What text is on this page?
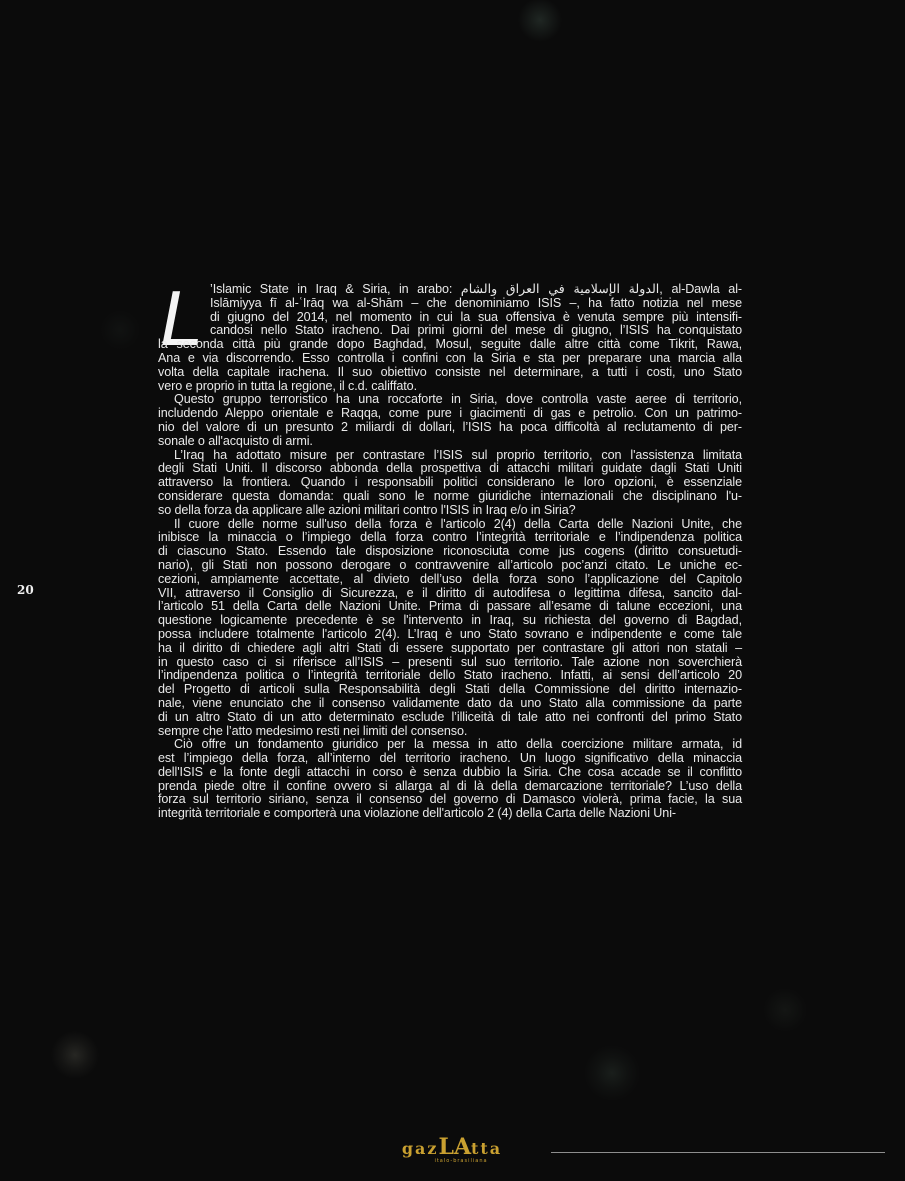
L ’Islamic State in Iraq & Siria, in arabo: الدولة الإسلامية في العراق والشام, al-Dawla al-
Islāmiyya fī al-ʿIrāq wa al-Shām – che denominiamo ISIS –, ha fatto notizia nel mese
di giugno del 2014, nel momento in cui la sua offensiva è venuta sempre più intensifi-
candosi nello Stato iracheno. Dai primi giorni del mese di giugno, l’ISIS ha conquistato
la seconda città più grande dopo Baghdad, Mosul, seguite dalle altre città come Tikrit, Rawa,
Ana e via discorrendo. Esso controlla i confini con la Siria e sta per preparare una marcia alla
volta della capitale irachena. Il suo obiettivo consiste nel determinare, a tutti i costi, uno Stato
vero e proprio in tutta la regione, il c.d. califfato.
Questo gruppo terroristico ha una roccaforte in Siria, dove controlla vaste aeree di territorio,
includendo Aleppo orientale e Raqqa, come pure i giacimenti di gas e petrolio. Con un patrimo-
nio del valore di un presunto 2 miliardi di dollari, l’ISIS ha poca difficoltà al reclutamento di per-
sonale o all'acquisto di armi.
L’Iraq ha adottato misure per contrastare l’ISIS sul proprio territorio, con l'assistenza limitata
degli Stati Uniti. Il discorso abbonda della prospettiva di attacchi militari guidate dagli Stati Uniti
attraverso la frontiera. Quando i responsabili politici considerano le loro opzioni, è essenziale
considerare questa domanda: quali sono le norme giuridiche internazionali che disciplinano l'u-
so della forza da applicare alle azioni militari contro l'ISIS in Iraq e/o in Siria?
Il cuore delle norme sull'uso della forza è l'articolo 2(4) della Carta delle Nazioni Unite, che
inibisce la minaccia o l’impiego della forza contro l’integrità territoriale e l’indipendenza politica
di ciascuno Stato. Essendo tale disposizione riconosciuta come jus cogens (diritto consuetudi-
nario), gli Stati non possono derogare o contravvenire all’articolo poc’anzi citato. Le uniche ec-
cezioni, ampiamente accettate, al divieto dell’uso della forza sono l’applicazione del Capitolo
VII, attraverso il Consiglio di Sicurezza, e il diritto di autodifesa o legittima difesa, sancito dal-
l’articolo 51 della Carta delle Nazioni Unite. Prima di passare all’esame di talune eccezioni, una
questione logicamente precedente è se l'intervento in Iraq, su richiesta del governo di Bagdad,
possa includere totalmente l'articolo 2(4). L’Iraq è uno Stato sovrano e indipendente e come tale
ha il diritto di chiedere agli altri Stati di essere supportato per contrastare gli attori non statali –
in questo caso ci si riferisce all’ISIS – presenti sul suo territorio. Tale azione non soverchierà
l’indipendenza politica o l’integrità territoriale dello Stato iracheno. Infatti, ai sensi dell’articolo 20
del Progetto di articoli sulla Responsabilità degli Stati della Commissione del diritto internazio-
nale, viene enunciato che il consenso validamente dato da uno Stato alla commissione da parte
di un altro Stato di un atto determinato esclude l’illiceità di tale atto nei confronti del primo Stato
sempre che l’atto medesimo resti nei limiti del consenso.
Ciò offre un fondamento giuridico per la messa in atto della coercizione militare armata, id
est l’impiego della forza, all’interno del territorio iracheno. Un luogo significativo della minaccia
dell'ISIS e la fonte degli attacchi in corso è senza dubbio la Siria. Che cosa accade se il conflitto
prenda piede oltre il confine ovvero si allarga al di là della demarcazione territoriale? L’uso della
forza sul territorio siriano, senza il consenso del governo di Damasco violerà, prima facie, la sua
integrità territoriale e comporterà una violazione dell'articolo 2 (4) della Carta delle Nazioni Uni-
20
gazLAtta
italo-brasiliana
